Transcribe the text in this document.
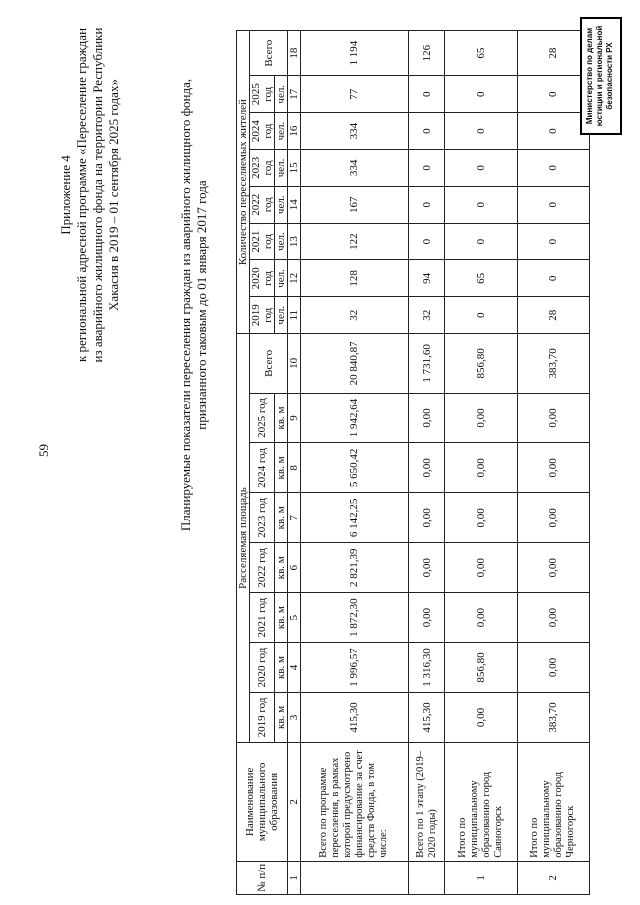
59
Приложение 4 к региональной адресной программе «Переселение граждан из аварийного жилищного фонда на территории Республики Хакасия в 2019 – 01 сентября 2025 годах»	Планируемые показатели переселения граждан из аварийного жилищного фонда, признанного таковым до 01 января 2017 года
№ п/п	Наименование муниципального образования	Расселяемая площадь								Количество переселяемых жителей							
		2019 год	2020 год	2021 год	2022 год	2023 год	2024 год	2025 год	Всего	2019 год	2020 год	2021 год	2022 год	2023 год	2024 год	2025 год	Всего
		кв. м	кв. м	кв. м	кв. м	кв. м	кв. м	кв. м		чел.	чел.	чел.	чел.	чел.	чел.	чел.	
1	2	3	4	5	6	7	8	9	10	11	12	13	14	15	16	17	18
	Всего по программе переселения, в рамках которой предусмотрено финансирование за счет средств Фонда, в том числе:	415,30	1 996,57	1 872,30	2 821,39	6 142,25	5 650,42	1 942,64	20 840,87	32	128	122	167	334	334	77	1 194
	Всего по 1 этапу (2019–2020 годы)	415,30	1 316,30	0,00	0,00	0,00	0,00	0,00	1 731,60	32	94	0	0	0	0	0	126
1	Итого по муниципальному образованию город Саяногорск	0,00	856,80	0,00	0,00	0,00	0,00	0,00	856,80	0	65	0	0	0	0	0	65
2	Итого по муниципальному образованию город Черногорск	383,70	0,00	0,00	0,00	0,00	0,00	0,00	383,70	28	0	0	0	0	0	0	28	Министерство по делам юстиции и региональной безопасности РХ
